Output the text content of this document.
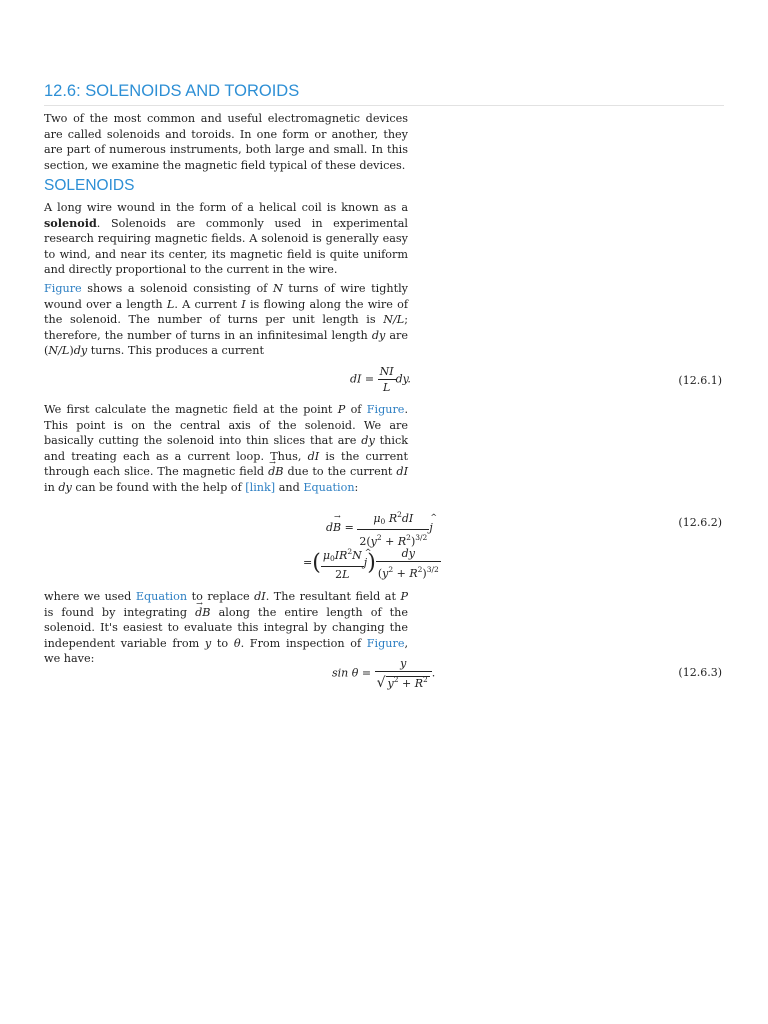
12.6: SOLENOIDS AND TOROIDS
Two of the most common and useful electromagnetic devices are called solenoids and toroids. In one form or another, they are part of numerous instruments, both large and small. In this section, we examine the magnetic field typical of these devices.
SOLENOIDS
A long wire wound in the form of a helical coil is known as a solenoid. Solenoids are commonly used in experimental research requiring magnetic fields. A solenoid is generally easy to wind, and near its center, its magnetic field is quite uniform and directly proportional to the current in the wire.
Figure shows a solenoid consisting of N turns of wire tightly wound over a length L. A current I is flowing along the wire of the solenoid. The number of turns per unit length is N/L; therefore, the number of turns in an infinitesimal length dy are (N/L)dy turns. This produces a current
dI = $\frac{NI}{L}$ dy.	(12.6.1)
We first calculate the magnetic field at the point P of Figure. This point is on the central axis of the solenoid. We are basically cutting the solenoid into thin slices that are dy thick and treating each as a current loop. Thus, dI is the current through each slice. The magnetic field → dB due to the current dI in dy can be found with the help of [link] and Equation:
$d\to B = \frac{\mu_0 R^2dI}{2(y^2 + R^2)^{3/2}}$ ^ j	(12.6.2)
=( $\frac{\mu_0IR^2N}{2L}$ ^ $j) \frac{dy}{(y^2 + R^2)^{3/2}}$
where we used Equation to replace dI. The resultant field at P is found by integrating → dB along the entire length of the solenoid. It's easiest to evaluate this integral by changing the independent variable from y to θ. From inspection of Figure, we have:
$\sin \theta = \frac{y}{√ y^2 + R^2}$ .	(12.6.3)
